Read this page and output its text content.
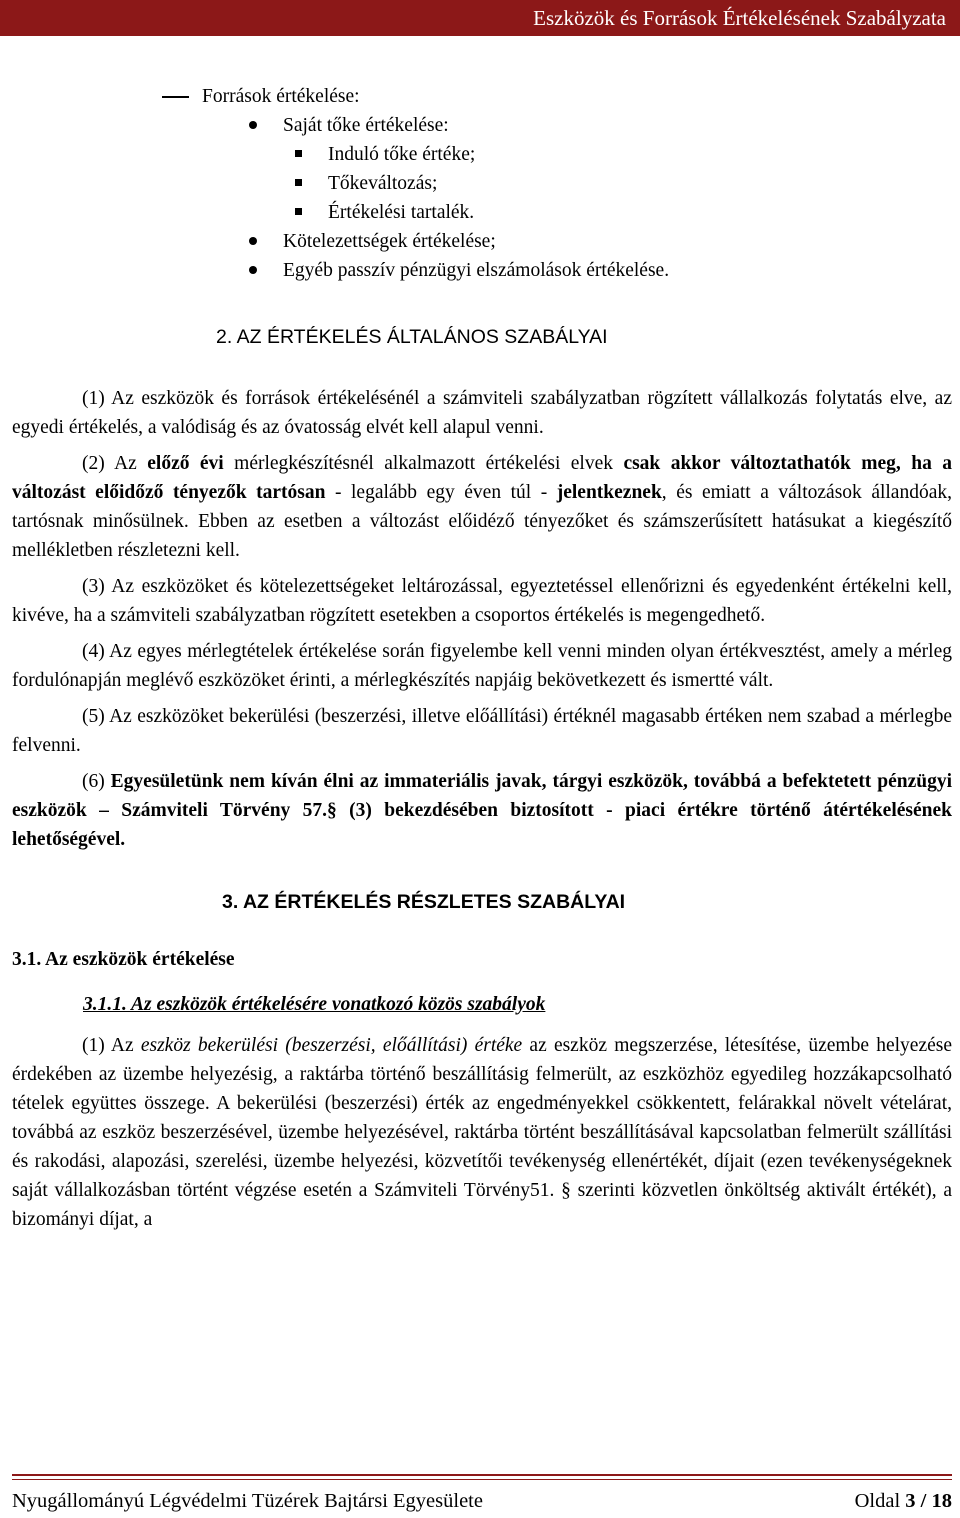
Eszközök és Források Értékelésének Szabályzata
Források értékelése:
Saját tőke értékelése:
Induló tőke értéke;
Tőkeváltozás;
Értékelési tartalék.
Kötelezettségek értékelése;
Egyéb passzív pénzügyi elszámolások értékelése.
2. AZ ÉRTÉKELÉS ÁLTALÁNOS SZABÁLYAI

(1) Az eszközök és források értékelésénél a számviteli szabályzatban rögzített vállalkozás folytatás elve, az egyedi értékelés, a valódiság és az óvatosság elvét kell alapul venni.

(2) Az előző évi mérlegkészítésnél alkalmazott értékelési elvek csak akkor változtathatók meg, ha a változást előidőző tényezők tartósan - legalább egy éven túl - jelentkeznek, és emiatt a változások állandóak, tartósnak minősülnek. Ebben az esetben a változást előidéző tényezőket és számszerűsített hatásukat a kiegészítő mellékletben részletezni kell.

(3) Az eszközöket és kötelezettségeket leltározással, egyeztetéssel ellenőrizni és egyedenként értékelni kell, kivéve, ha a számviteli szabályzatban rögzített esetekben a csoportos értékelés is megengedhető.

(4) Az egyes mérlegtételek értékelése során figyelembe kell venni minden olyan értékvesztést, amely a mérleg fordulónapján meglévő eszközöket érinti, a mérlegkészítés napjáig bekövetkezett és ismertté vált.

(5) Az eszközöket bekerülési (beszerzési, illetve előállítási) értéknél magasabb értéken nem szabad a mérlegbe felvenni.

(6) Egyesületünk nem kíván élni az immateriális javak, tárgyi eszközök, továbbá a befektetett pénzügyi eszközök – Számviteli Törvény 57.§ (3) bekezdésében biztosított - piaci értékre történő átértékelésének lehetőségével.

3. AZ ÉRTÉKELÉS RÉSZLETES SZABÁLYAI
3.1. Az eszközök értékelése
3.1.1. Az eszközök értékelésére vonatkozó közös szabályok

(1) Az eszköz bekerülési (beszerzési, előállítási) értéke az eszköz megszerzése, létesítése, üzembe helyezése érdekében az üzembe helyezésig, a raktárba történő beszállításig felmerült, az eszközhöz egyedileg hozzákapcsolható tételek együttes összege. A bekerülési (beszerzési) érték az engedményekkel csökkentett, felárakkal növelt vételárat, továbbá az eszköz beszerzésével, üzembe helyezésével, raktárba történt beszállításával kapcsolatban felmerült szállítási és rakodási, alapozási, szerelési, üzembe helyezési, közvetítői tevékenység ellenértékét, díjait (ezen tevékenységeknek saját vállalkozásban történt végzése esetén a Számviteli Törvény51. § szerinti közvetlen önköltség aktivált értékét), a bizományi díjat, a

Nyugállományú Légvédelmi Tüzérek Bajtársi Egyesülete	Oldal 3 / 18
